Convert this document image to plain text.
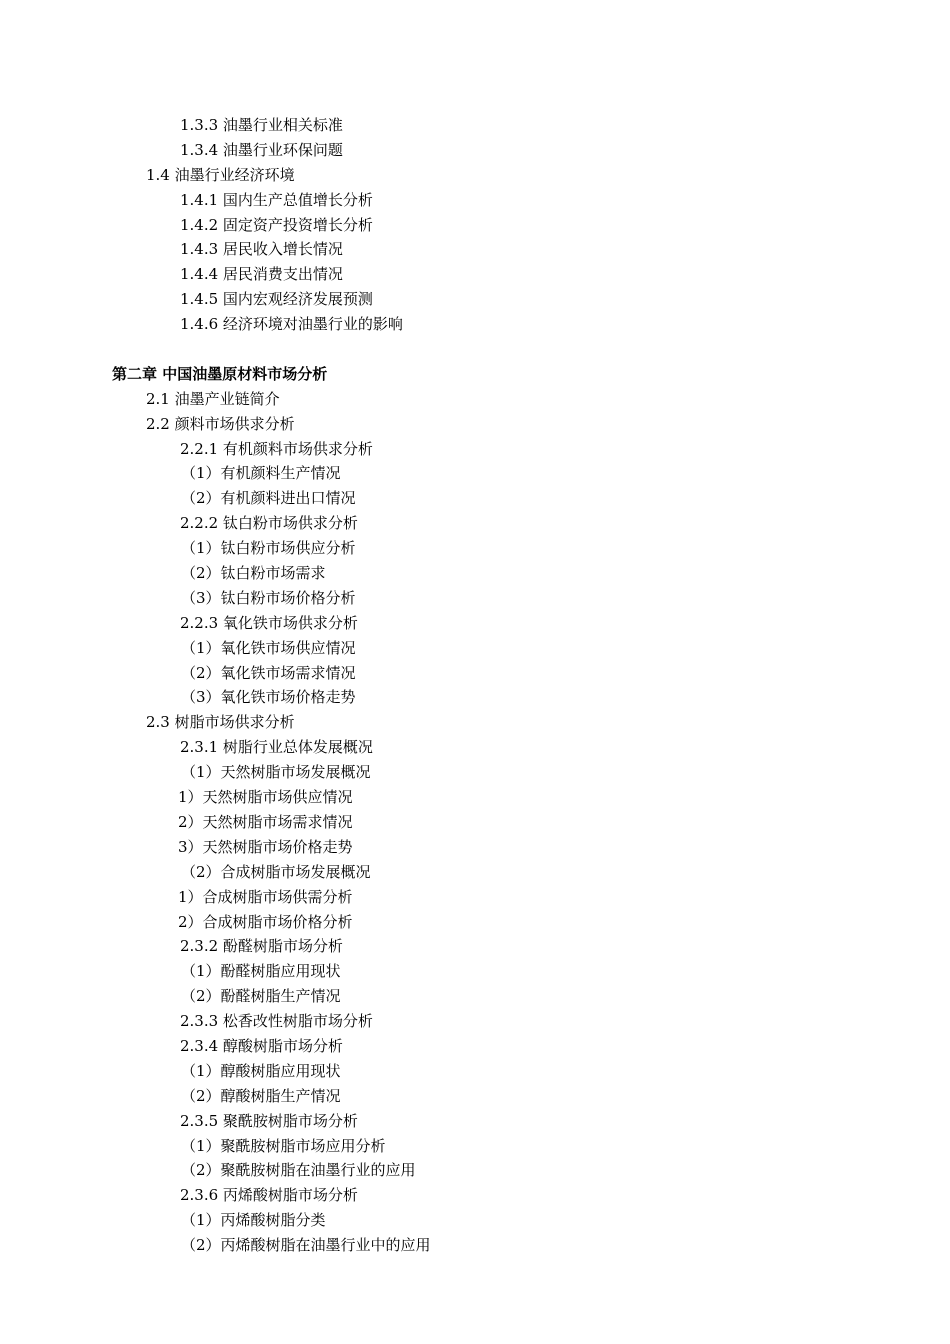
1.3.3 油墨行业相关标准
1.3.4 油墨行业环保问题
1.4 油墨行业经济环境
1.4.1 国内生产总值增长分析
1.4.2 固定资产投资增长分析
1.4.3 居民收入增长情况
1.4.4 居民消费支出情况
1.4.5 国内宏观经济发展预测
1.4.6 经济环境对油墨行业的影响
第二章 中国油墨原材料市场分析
2.1 油墨产业链简介
2.2 颜料市场供求分析
2.2.1 有机颜料市场供求分析
（1）有机颜料生产情况
（2）有机颜料进出口情况
2.2.2 钛白粉市场供求分析
（1）钛白粉市场供应分析
（2）钛白粉市场需求
（3）钛白粉市场价格分析
2.2.3 氧化铁市场供求分析
（1）氧化铁市场供应情况
（2）氧化铁市场需求情况
（3）氧化铁市场价格走势
2.3 树脂市场供求分析
2.3.1 树脂行业总体发展概况
（1）天然树脂市场发展概况
1）天然树脂市场供应情况
2）天然树脂市场需求情况
3）天然树脂市场价格走势
（2）合成树脂市场发展概况
1）合成树脂市场供需分析
2）合成树脂市场价格分析
2.3.2 酚醛树脂市场分析
（1）酚醛树脂应用现状
（2）酚醛树脂生产情况
2.3.3 松香改性树脂市场分析
2.3.4 醇酸树脂市场分析
（1）醇酸树脂应用现状
（2）醇酸树脂生产情况
2.3.5 聚酰胺树脂市场分析
（1）聚酰胺树脂市场应用分析
（2）聚酰胺树脂在油墨行业的应用
2.3.6 丙烯酸树脂市场分析
（1）丙烯酸树脂分类
（2）丙烯酸树脂在油墨行业中的应用
